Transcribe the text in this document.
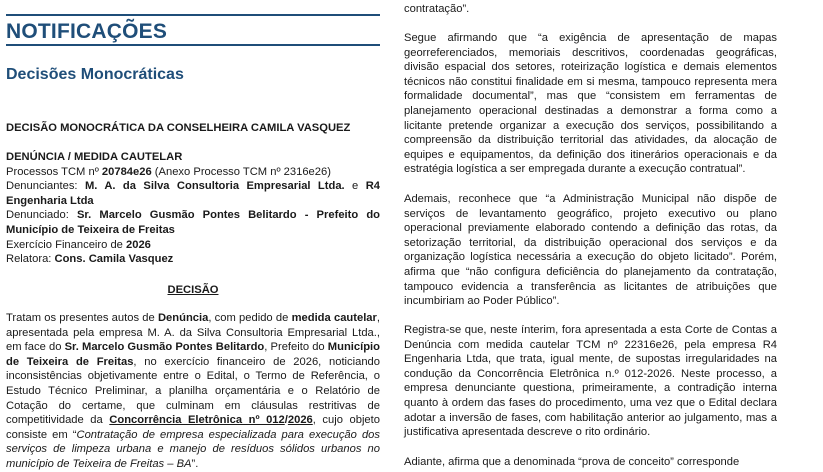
NOTIFICAÇÕES
Decisões Monocráticas

DECISÃO MONOCRÁTICA DA CONSELHEIRA CAMILA VASQUEZ

DENÚNCIA / MEDIDA CAUTELAR
Processos TCM nº 20784e26 (Anexo Processo TCM nº 2316e26)
Denunciantes: M. A. da Silva Consultoria Empresarial Ltda. e R4 Engenharia Ltda
Denunciado: Sr. Marcelo Gusmão Pontes Belitardo - Prefeito do Município de Teixeira de Freitas
Exercício Financeiro de 2026
Relatora: Cons. Camila Vasquez
DECISÃO

Tratam os presentes autos de Denúncia, com pedido de medida cautelar, apresentada pela empresa M. A. da Silva Consultoria Empresarial Ltda., em face do Sr. Marcelo Gusmão Pontes Belitardo, Prefeito do Município de Teixeira de Freitas, no exercício financeiro de 2026, noticiando inconsistências objetivamente entre o Edital, o Termo de Referência, o Estudo Técnico Preliminar, a planilha orçamentária e o Relatório de Cotação do certame, que culminam em cláusulas restritivas de competitividade da Concorrência Eletrônica nº 012/2026, cujo objeto consiste em “Contratação de empresa especializada para execução dos serviços de limpeza urbana e manejo de resíduos sólidos urbanos no município de Teixeira de Freitas – BA”.

contratação”.

Segue afirmando que “a exigência de apresentação de mapas georreferenciados, memoriais descritivos, coordenadas geográficas, divisão espacial dos setores, roteirização logística e demais elementos técnicos não constitui finalidade em si mesma, tampouco representa mera formalidade documental”, mas que “consistem em ferramentas de planejamento operacional destinadas a demonstrar a forma como a licitante pretende organizar a execução dos serviços, possibilitando a compreensão da distribuição territorial das atividades, da alocação de equipes e equipamentos, da definição dos itinerários operacionais e da estratégia logística a ser empregada durante a execução contratual”.

Ademais, reconhece que “a Administração Municipal não dispõe de serviços de levantamento geográfico, projeto executivo ou plano operacional previamente elaborado contendo a definição das rotas, da setorização territorial, da distribuição operacional dos serviços e da organização logística necessária a execução do objeto licitado”. Porém, afirma que “não configura deficiência do planejamento da contratação, tampouco evidencia a transferência as licitantes de atribuições que incumbiriam ao Poder Público”.

Registra-se que, neste ínterim, fora apresentada a esta Corte de Contas a Denúncia com medida cautelar TCM nº 22316e26, pela empresa R4 Engenharia Ltda, que trata, igual mente, de supostas irregularidades na condução da Concorrência Eletrônica n.º 012-2026. Neste processo, a empresa denunciante questiona, primeiramente, a contradição interna quanto à ordem das fases do procedimento, uma vez que o Edital declara adotar a inversão de fases, com habilitação anterior ao julgamento, mas a justificativa apresentada descreve o rito ordinário.

Adiante, afirma que a denominada “prova de conceito” corresponde
